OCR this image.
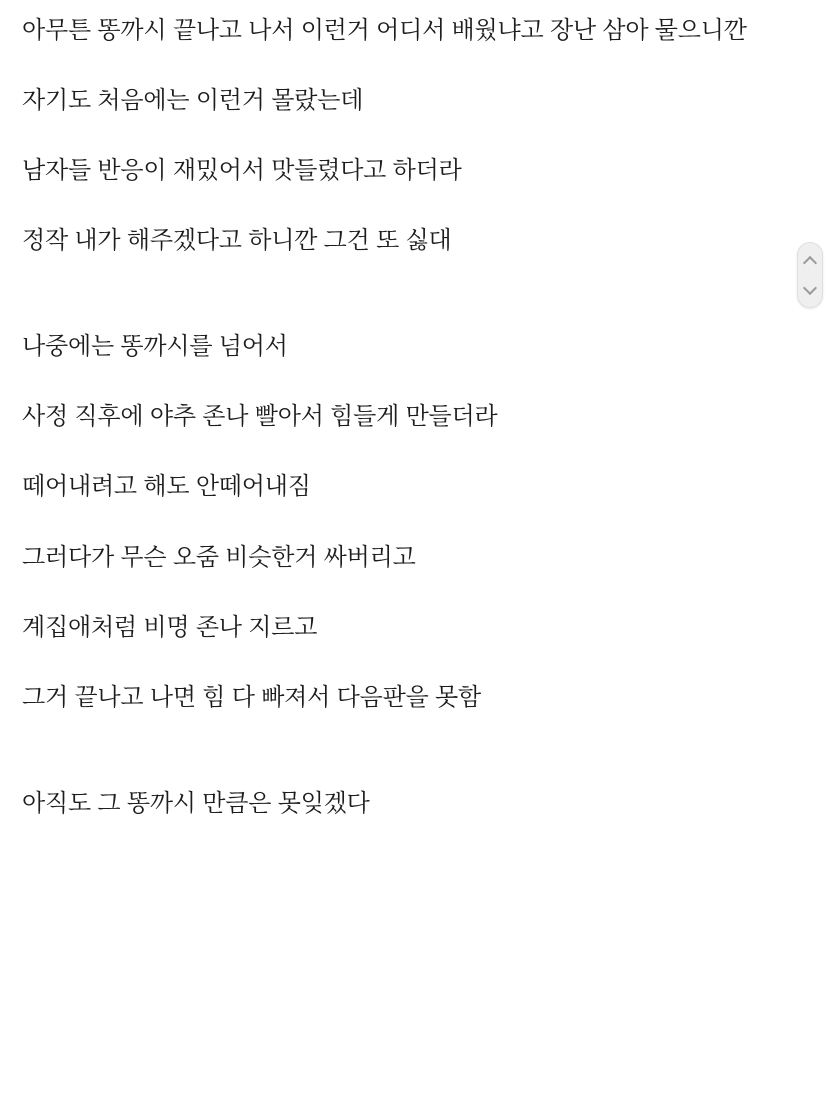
아무튼 똥까시 끝나고 나서 이런거 어디서 배웠냐고 장난 삼아 물으니깐

자기도 처음에는 이런거 몰랐는데

남자들 반응이 재밌어서 맛들렸다고 하더라

정작 내가 해주겠다고 하니깐 그건 또 싫대

나중에는 똥까시를 넘어서

사정 직후에 야추 존나 빨아서 힘들게 만들더라

떼어내려고 해도 안떼어내짐

그러다가 무슨 오줌 비슷한거 싸버리고

계집애처럼 비명 존나 지르고

그거 끝나고 나면 힘 다 빠져서 다음판을 못함

아직도 그 똥까시 만큼은 못잊겠다
